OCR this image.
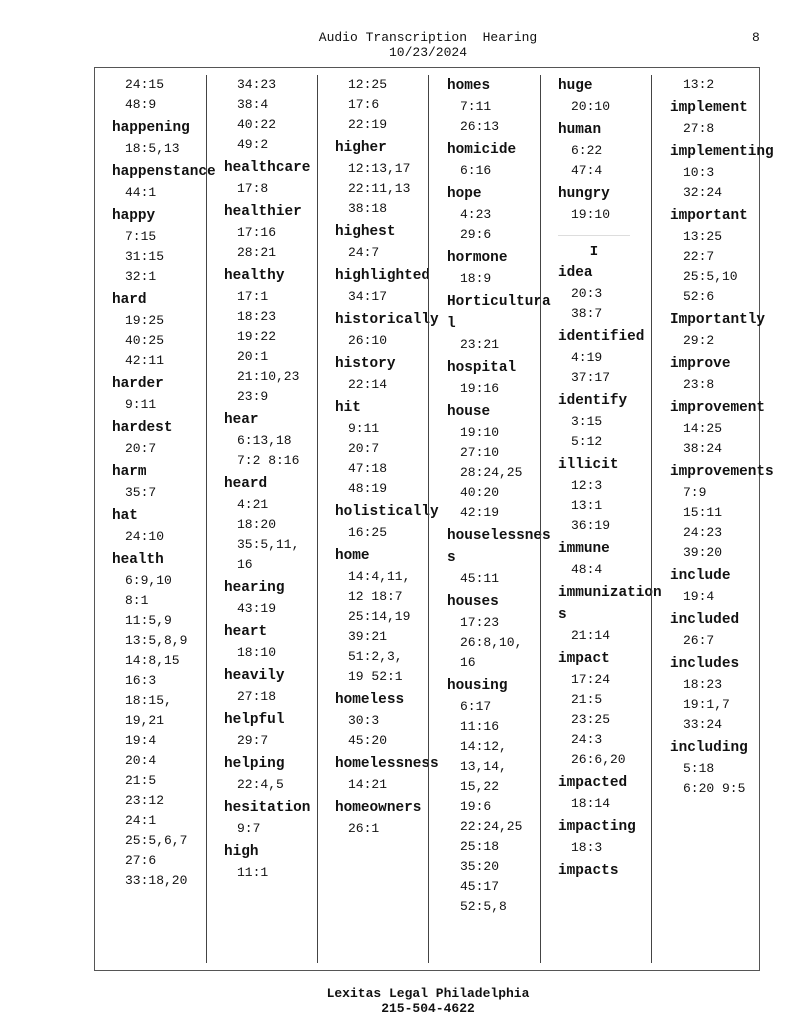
Audio Transcription  Hearing
10/23/2024
8
24:15
48:9
happening
18:5,13
happenstance
44:1
happy
7:15
31:15
32:1
hard
19:25
40:25
42:11
harder
9:11
hardest
20:7
harm
35:7
hat
24:10
health
6:9,10
8:1
11:5,9
13:5,8,9
14:8,15
16:3
18:15,
19,21
19:4
20:4
21:5
23:12
24:1
25:5,6,7
27:6
33:18,20
34:23
38:4
40:22
49:2
healthcare
17:8
healthier
17:16
28:21
healthy
17:1
18:23
19:22
20:1
21:10,23
23:9
hear
6:13,18
7:2 8:16
heard
4:21
18:20
35:5,11,
16
hearing
43:19
heart
18:10
heavily
27:18
helpful
29:7
helping
22:4,5
hesitation
9:7
high
11:1
12:25
17:6
22:19
higher
12:13,17
22:11,13
38:18
highest
24:7
highlighted
34:17
historically
26:10
history
22:14
hit
9:11
20:7
47:18
48:19
holistically
16:25
home
14:4,11,
12 18:7
25:14,19
39:21
51:2,3,
19 52:1
homeless
30:3
45:20
homelessness
14:21
homeowners
26:1
homes
7:11
26:13
homicide
6:16
hope
4:23
29:6
hormone
18:9
Horticultural
23:21
hospital
19:16
house
19:10
27:10
28:24,25
40:20
42:19
houselessness
45:11
houses
17:23
26:8,10,
16
housing
6:17
11:16
14:12,
13,14,
15,22
19:6
22:24,25
25:18
35:20
45:17
52:5,8
huge
20:10
human
6:22
47:4
hungry
19:10
I
idea
20:3
38:7
identified
4:19
37:17
identify
3:15
5:12
illicit
12:3
13:1
36:19
immune
48:4
immunizations
21:14
impact
17:24
21:5
23:25
24:3
26:6,20
impacted
18:14
impacting
18:3
impacts
13:2
implement
27:8
implementing
10:3
32:24
important
13:25
22:7
25:5,10
52:6
Importantly
29:2
improve
23:8
improvement
14:25
38:24
improvements
7:9
15:11
24:23
39:20
include
19:4
included
26:7
includes
18:23
19:1,7
33:24
including
5:18
6:20 9:5
Lexitas Legal Philadelphia
215-504-4622
